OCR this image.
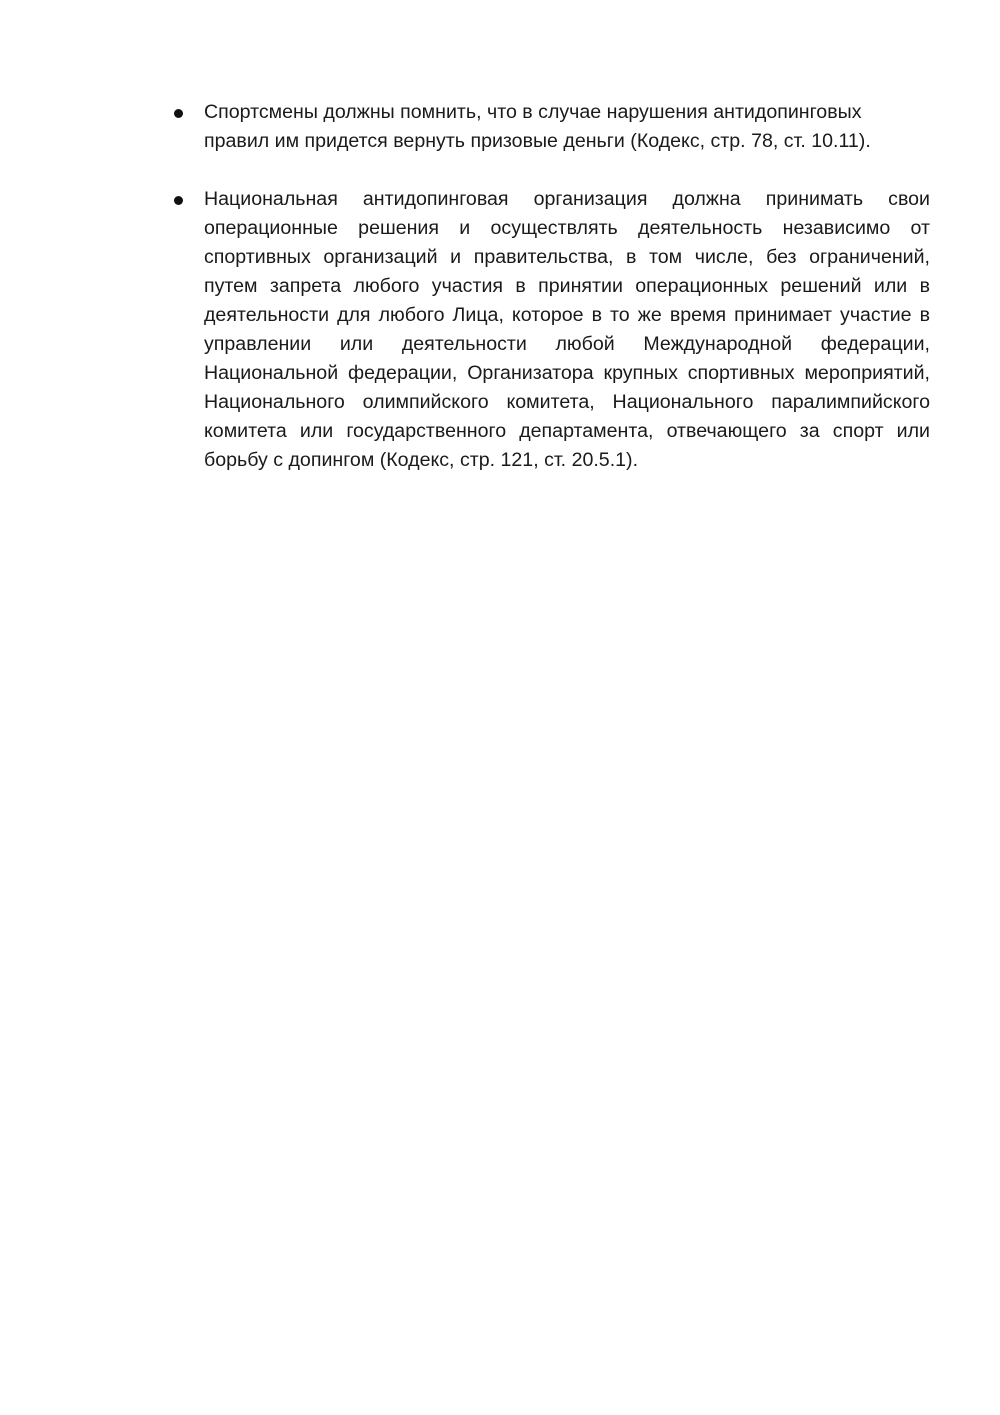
Спортсмены должны помнить, что в случае нарушения антидопинговых правил им придется вернуть призовые деньги (Кодекс, стр. 78, ст. 10.11).
Национальная антидопинговая организация должна принимать свои операционные решения и осуществлять деятельность независимо от спортивных организаций и правительства, в том числе, без ограничений, путем запрета любого участия в принятии операционных решений или в деятельности для любого Лица, которое в то же время принимает участие в управлении или деятельности любой Международной федерации, Национальной федерации, Организатора крупных спортивных мероприятий, Национального олимпийского комитета, Национального паралимпийского комитета или государственного департамента, отвечающего за спорт или борьбу с допингом (Кодекс, стр. 121, ст. 20.5.1).
